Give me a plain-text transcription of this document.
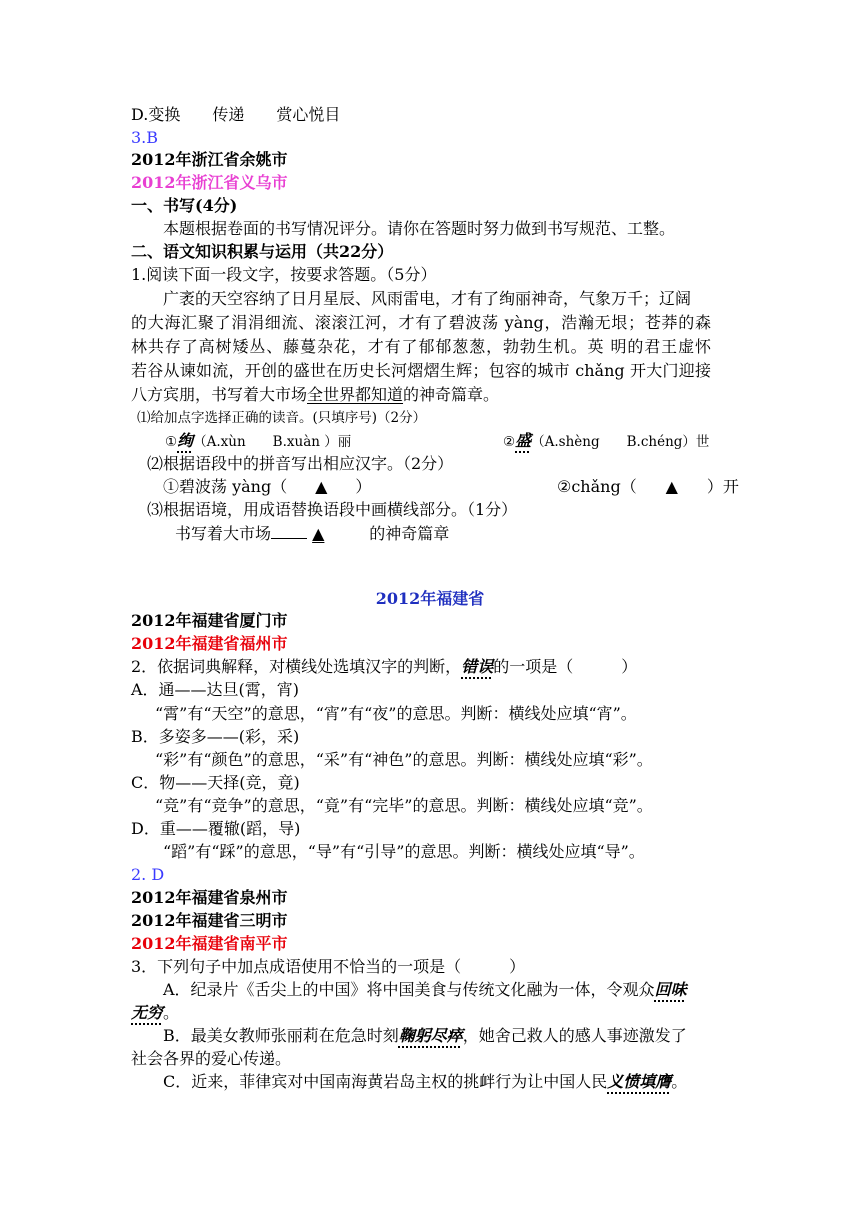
D.变换　　传递　　赏心悦目
3.B
2012年浙江省余姚市
2012年浙江省义乌市
一、书写(4分)
本题根据卷面的书写情况评分。请你在答题时努力做到书写规范、工整。
二、语文知识积累与运用（共22分）
1.阅读下面一段文字，按要求答题。（5分）
广袤的天空容纳了日月星辰、风雨雷电，才有了绚丽神奇，气象万千；辽阔
的大海汇聚了涓涓细流、滚滚江河，才有了碧波荡 yàng，浩瀚无垠；苍莽的森
林共存了高树矮丛、藤蔓杂花，才有了郁郁葱葱，勃勃生机。英 明的君王虚怀
若谷从谏如流，开创的盛世在历史长河熠熠生辉；包容的城市 chǎng 开大门迎接
八方宾朋，书写着大市场全世界都知道的神奇篇章。
⑴给加点字选择正确的读音。(只填序号)（2分）
①绚（A.xùn　　B.xuàn ）丽	②盛（A.shèng　　B.chéng）世
⑵根据语段中的拼音写出相应汉字。（2分）
①碧波荡 yàng（ ▲ ）	②chǎng（ ▲ ）开
⑶根据语境，用成语替换语段中画横线部分。（1分）
书写着大市场	▲	的神奇篇章
2012年福建省
2012年福建省厦门市
2012年福建省福州市
2．依据词典解释，对横线处选填汉字的判断，错误的一项是（　　　）
A．通——达旦(霄，宵)
“霄”有“天空”的意思，“宵”有“夜”的意思。判断：横线处应填“宵”。
B．多姿多——(彩，采)
“彩”有“颜色”的意思，“采”有“神色”的意思。判断：横线处应填“彩”。
C．物——天择(竞，竟)
“竞”有“竞争”的意思，“竟”有“完毕”的意思。判断：横线处应填“竞”。
D．重——覆辙(蹈，导)
“蹈”有“踩”的意思，“导”有“引导”的意思。判断：横线处应填“导”。
2. D
2012年福建省泉州市
2012年福建省三明市
2012年福建省南平市
3．下列句子中加点成语使用不恰当的一项是（　　　）
A．纪录片《舌尖上的中国》将中国美食与传统文化融为一体，令观众回味
无穷。
B．最美女教师张丽莉在危急时刻鞠躬尽瘁，她舍己救人的感人事迹激发了
社会各界的爱心传递。
C．近来，菲律宾对中国南海黄岩岛主权的挑衅行为让中国人民义愤填膺。
